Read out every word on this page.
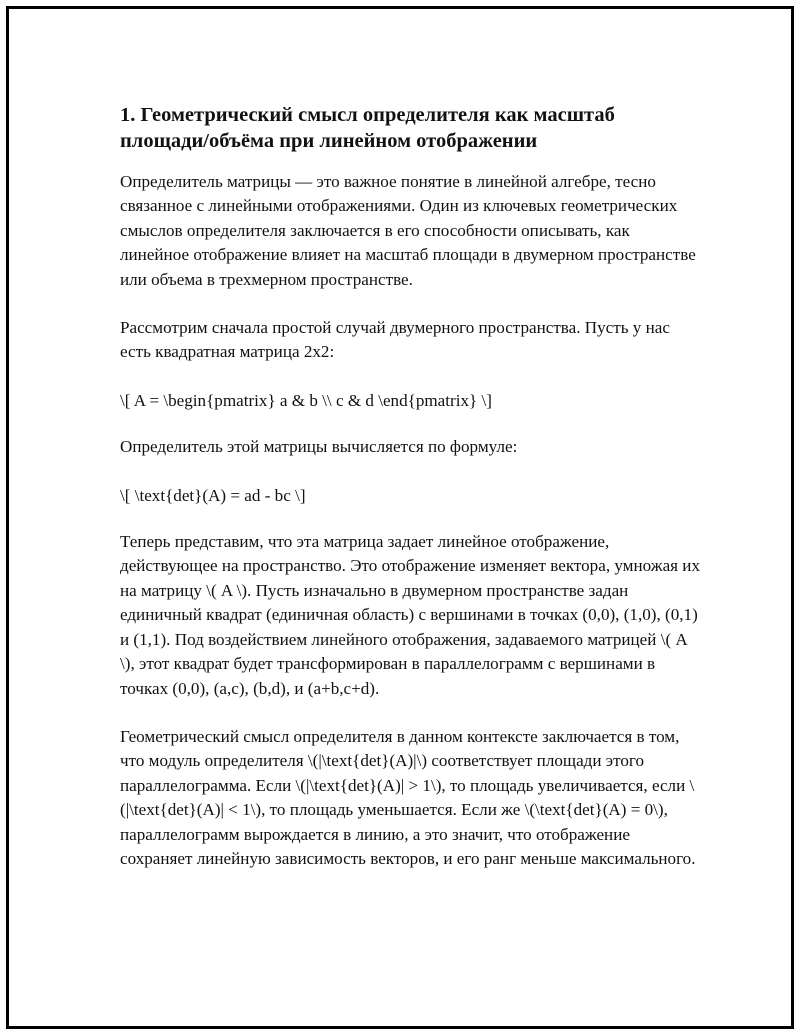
1. Геометрический смысл определителя как масштаб площади/объёма при линейном отображении

Определитель матрицы — это важное понятие в линейной алгебре, тесно связанное с линейными отображениями. Один из ключевых геометрических смыслов определителя заключается в его способности описывать, как линейное отображение влияет на масштаб площади в двумерном пространстве или объема в трехмерном пространстве.

Рассмотрим сначала простой случай двумерного пространства. Пусть у нас есть квадратная матрица 2x2:

\[ A = \begin{pmatrix} a & b \\ c & d \end{pmatrix} \]

Определитель этой матрицы вычисляется по формуле:

\[ \text{det}(A) = ad - bc \]

Теперь представим, что эта матрица задает линейное отображение, действующее на пространство. Это отображение изменяет вектора, умножая их на матрицу \( A \). Пусть изначально в двумерном пространстве задан единичный квадрат (единичная область) с вершинами в точках (0,0), (1,0), (0,1) и (1,1). Под воздействием линейного отображения, задаваемого матрицей \( A \), этот квадрат будет трансформирован в параллелограмм с вершинами в точках (0,0), (a,c), (b,d), и (a+b,c+d).

Геометрический смысл определителя в данном контексте заключается в том, что модуль определителя \(|\text{det}(A)|\) соответствует площади этого параллелограмма. Если \(|\text{det}(A)| > 1\), то площадь увеличивается, если \(|\text{det}(A)| < 1\), то площадь уменьшается. Если же \(\text{det}(A) = 0\), параллелограмм вырождается в линию, а это значит, что отображение сохраняет линейную зависимость векторов, и его ранг меньше максимального.
